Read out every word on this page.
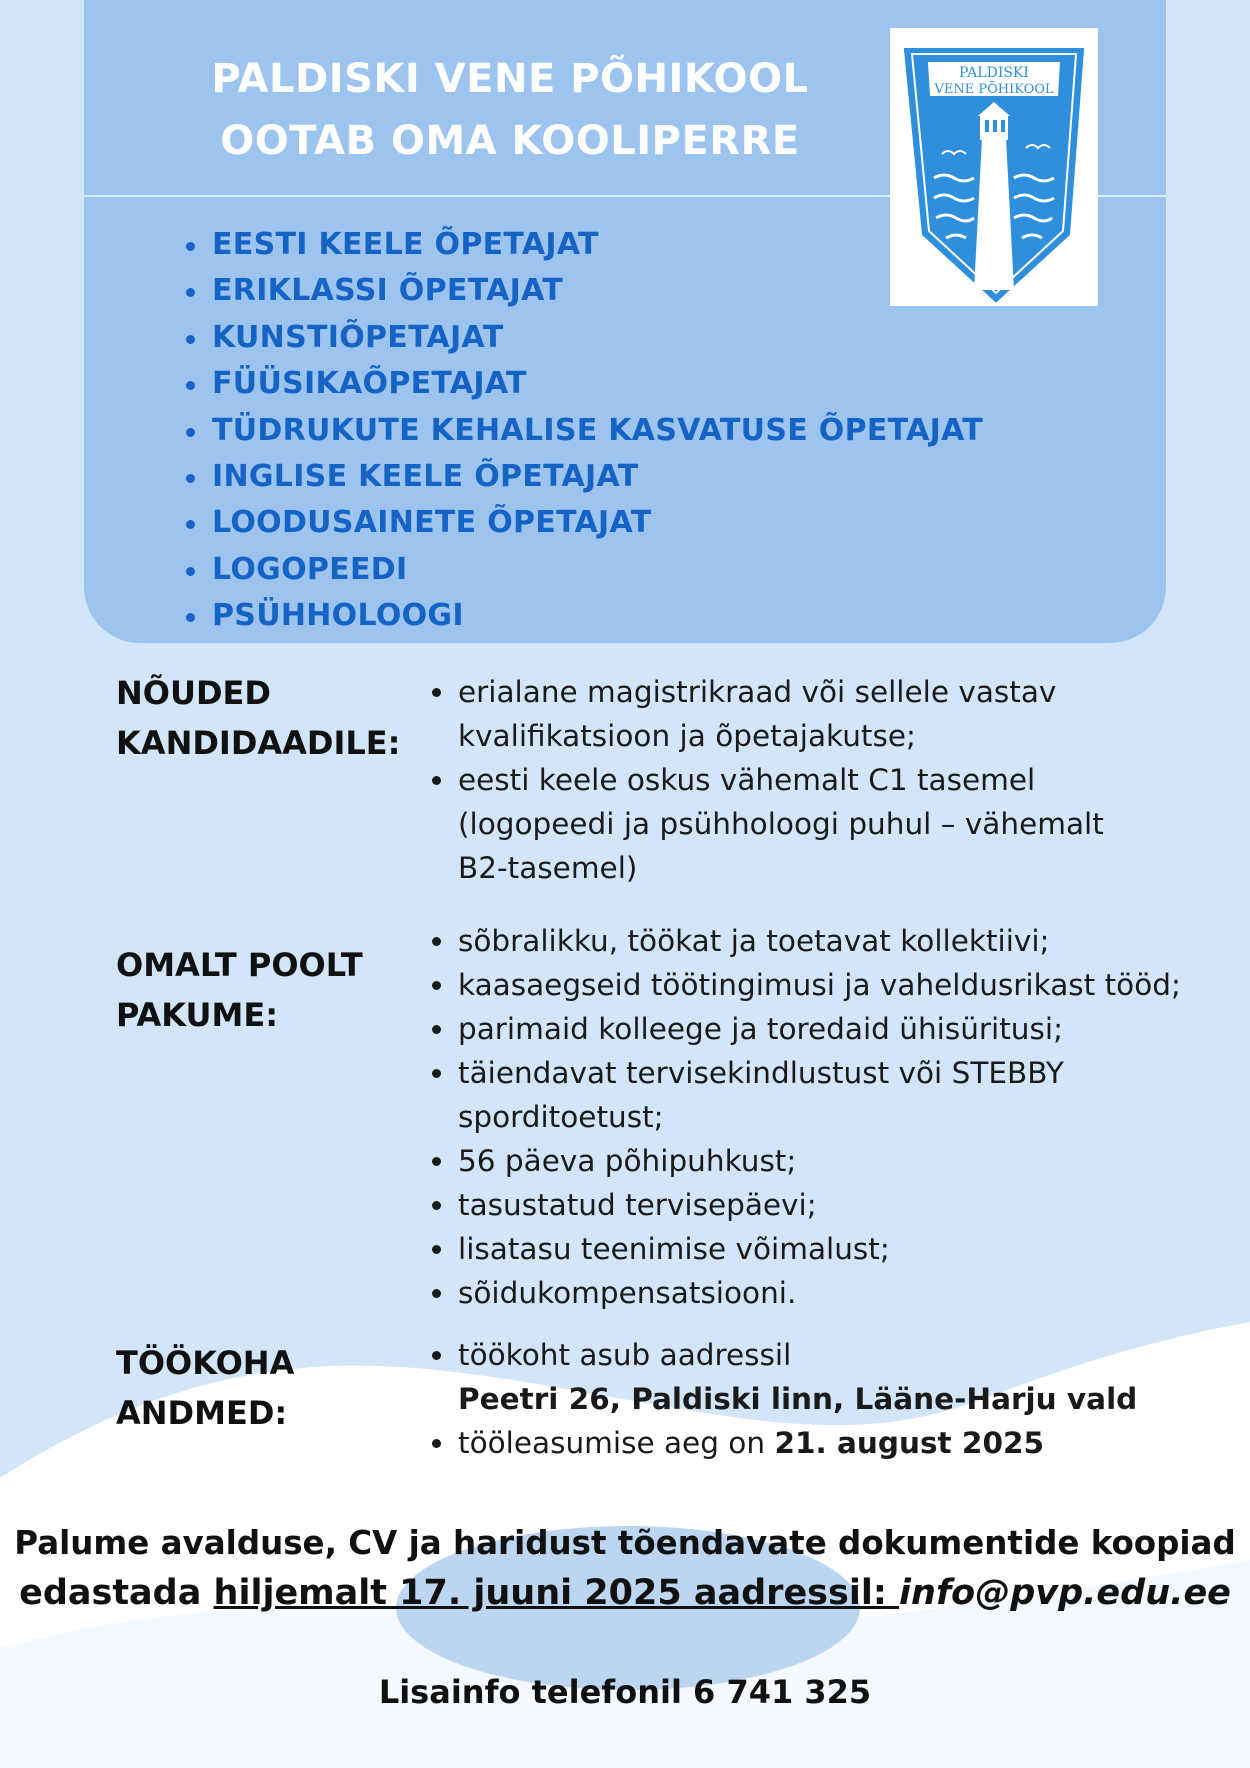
PALDISKI VENE PÕHIKOOL
OOTAB OMA KOOLIPERRE
PALDISKI
VENE PÕHIKOOL
EESTI KEELE ÕPETAJAT
ERIKLASSI ÕPETAJAT
KUNSTIÕPETAJAT
FÜÜSIKAÕPETAJAT
TÜDRUKUTE KEHALISE KASVATUSE ÕPETAJAT
INGLISE KEELE ÕPETAJAT
LOODUSAINETE ÕPETAJAT
LOGOPEEDI
PSÜHHOLOOGI
NÕUDED
KANDIDAADILE:
erialane magistrikraad või sellele vastav
kvalifikatsioon ja õpetajakutse;
eesti keele oskus vähemalt C1 tasemel
(logopeedi ja psühholoogi puhul – vähemalt
B2-tasemel)
OMALT POOLT
PAKUME:
sõbralikku, töökat ja toetavat kollektiivi;
kaasaegseid töötingimusi ja vaheldusrikast tööd;
parimaid kolleege ja toredaid ühisüritusi;
täiendavat tervisekindlustust või STEBBY
sporditoetust;
56 päeva põhipuhkust;
tasustatud tervisepäevi;
lisatasu teenimise võimalust;
sõidukompensatsiooni.
TÖÖKOHA
ANDMED:
töökoht asub aadressil
Peetri 26, Paldiski linn, Lääne-Harju vald
tööleasumise aeg on 21. august 2025
Palume avalduse, CV ja haridust tõendavate dokumentide koopiad
edastada hiljemalt 17. juuni 2025 aadressil: info@pvp.edu.ee
Lisainfo telefonil 6 741 325
